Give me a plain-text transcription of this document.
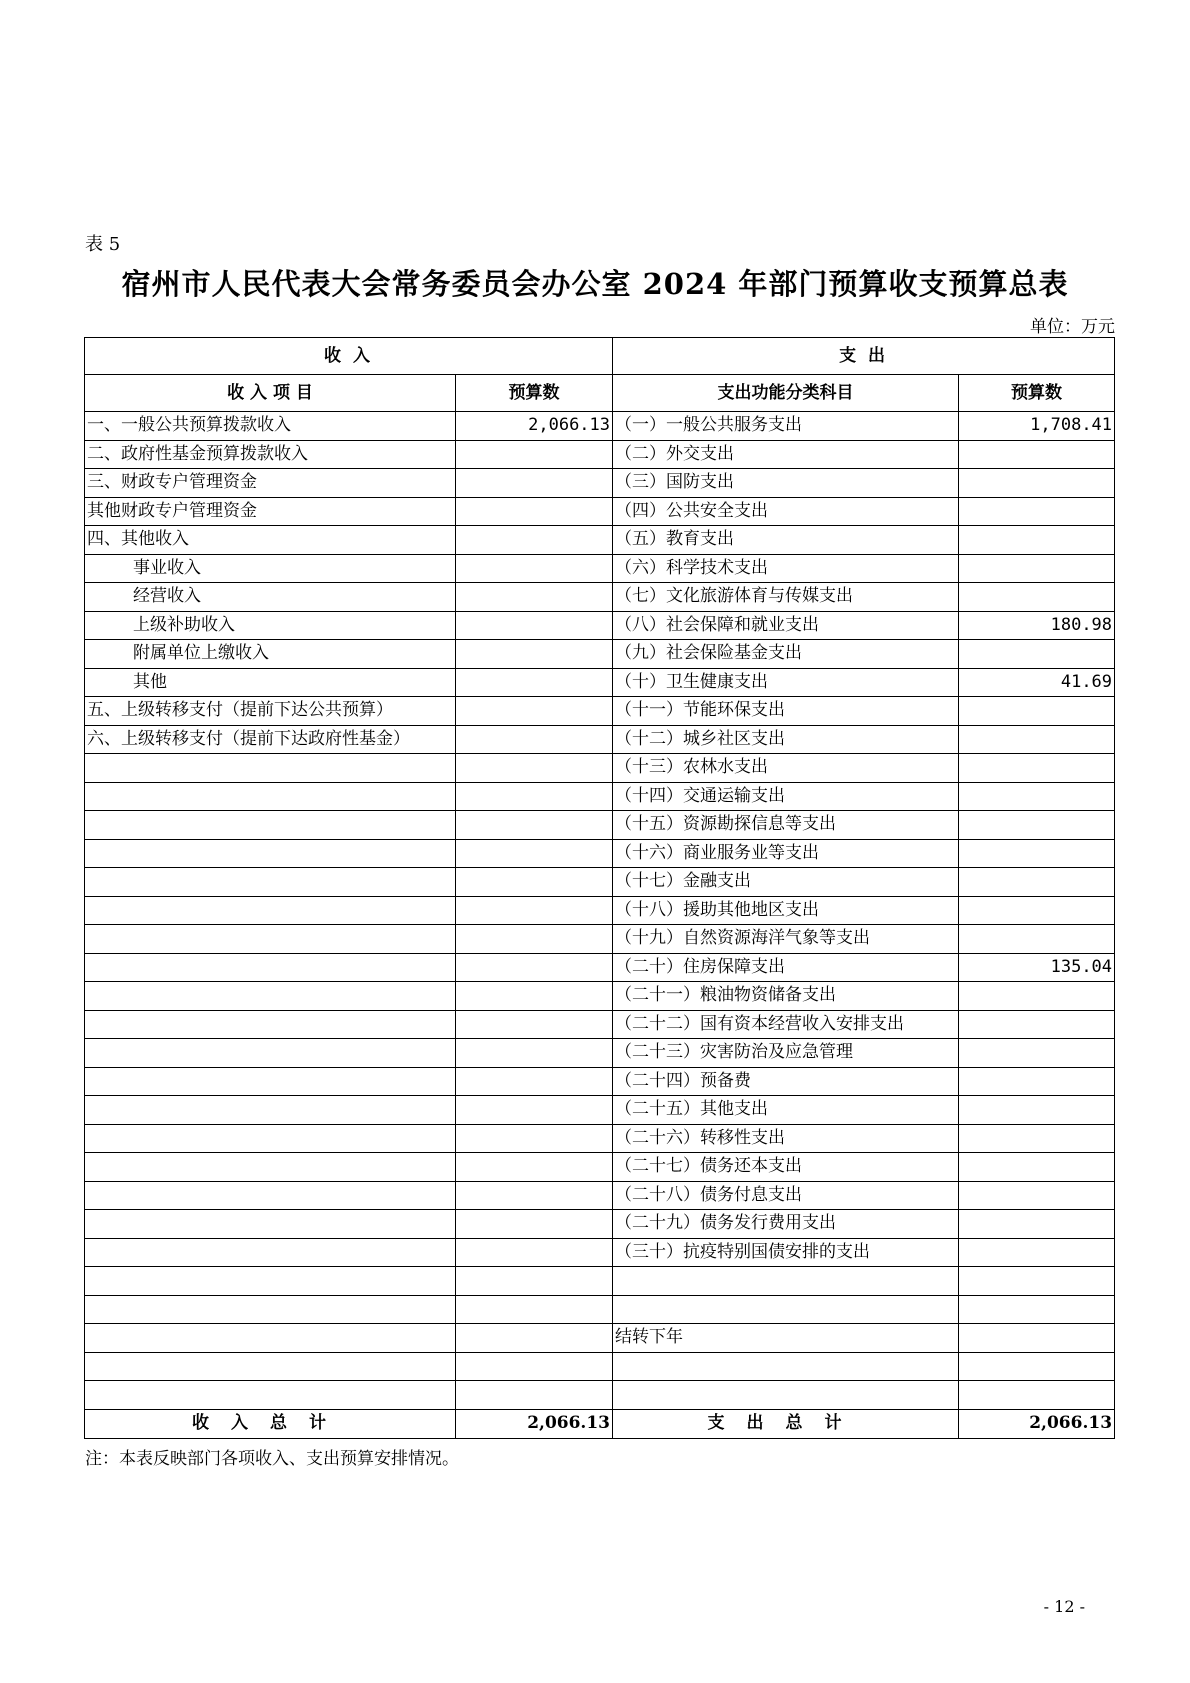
表 5
宿州市人民代表大会常务委员会办公室 2024 年部门预算收支预算总表
单位：万元
收 入		支 出	
收 入 项 目	预算数	支出功能分类科目	预算数
一、一般公共预算拨款收入	2,066.13	（一）一般公共服务支出	1,708.41
二、政府性基金预算拨款收入		（二）外交支出	
三、财政专户管理资金		（三）国防支出	
其他财政专户管理资金		（四）公共安全支出	
四、其他收入		（五）教育支出	
事业收入		（六）科学技术支出	
经营收入		（七）文化旅游体育与传媒支出	
上级补助收入		（八）社会保障和就业支出	180.98
附属单位上缴收入		（九）社会保险基金支出	
其他		（十）卫生健康支出	41.69
五、上级转移支付（提前下达公共预算）		（十一）节能环保支出	
六、上级转移支付（提前下达政府性基金）		（十二）城乡社区支出	
		（十三）农林水支出	
		（十四）交通运输支出	
		（十五）资源勘探信息等支出	
		（十六）商业服务业等支出	
		（十七）金融支出	
		（十八）援助其他地区支出	
		（十九）自然资源海洋气象等支出	
		（二十）住房保障支出	135.04
		（二十一）粮油物资储备支出	
		（二十二）国有资本经营收入安排支出	
		（二十三）灾害防治及应急管理	
		（二十四）预备费	
		（二十五）其他支出	
		（二十六）转移性支出	
		（二十七）债务还本支出	
		（二十八）债务付息支出	
		（二十九）债务发行费用支出	
		（三十）抗疫特别国债安排的支出	

		结转下年	

收入总计	2,066.13	支出总计	2,066.13
注：本表反映部门各项收入、支出预算安排情况。
- 12 -
